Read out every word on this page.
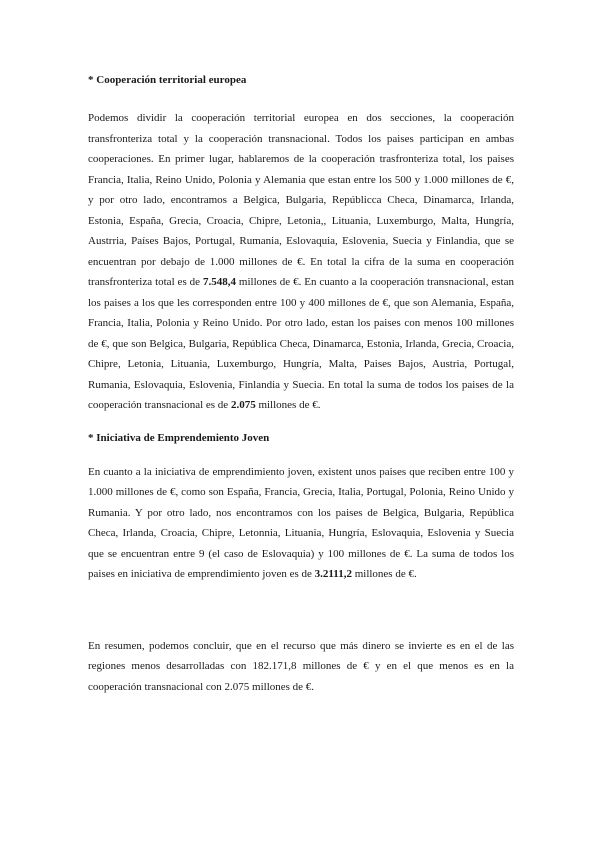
* Cooperación territorial europea

Podemos dividir la cooperación territorial europea en dos secciones, la cooperación transfronteriza total y la cooperación transnacional. Todos los paises participan en ambas cooperaciones. En primer lugar, hablaremos de la cooperación trasfronteriza total, los paises Francia, Italia, Reino Unido, Polonia y Alemania que estan entre los 500 y 1.000 millones de €, y por otro lado, encontramos a Belgica, Bulgaria, Repúblicca Checa, Dinamarca, Irlanda, Estonia, España, Grecia, Croacia, Chipre, Letonia,, Lituania, Luxemburgo, Malta, Hungría, Austrria, Países Bajos, Portugal, Rumania, Eslovaquia, Eslovenia, Suecia y Finlandia, que se encuentran por debajo de 1.000 millones de €. En total la cifra de la suma en cooperación transfronteriza total es de 7.548,4 millones de €. En cuanto a la cooperación transnacional, estan los paises a los que les corresponden entre 100 y 400 millones de €, que son Alemania, España, Francia, Italia, Polonia y Reino Unido. Por otro lado, estan los paises con menos 100 millones de €, que son Belgica, Bulgaria, República Checa, Dinamarca, Estonia, Irlanda, Grecia, Croacia, Chipre, Letonia, Lituania, Luxemburgo, Hungría, Malta, Paises Bajos, Austria, Portugal, Rumania, Eslovaquia, Eslovenia, Finlandia y Suecia. En total la suma de todos los paises de la cooperación transnacional es de 2.075 millones de €.

* Iniciativa de Emprendemiento Joven

En cuanto a la iniciativa de emprendimiento joven, existent unos paises que reciben entre 100 y 1.000 millones de €, como son España, Francia, Grecia, Italia, Portugal, Polonia, Reino Unido y Rumania. Y por otro lado, nos encontramos con los paises de Belgica, Bulgaria, República Checa, Irlanda, Croacia, Chipre, Letonnia, Lituania, Hungría, Eslovaquia, Eslovenia y Suecia que se encuentran entre 9 (el caso de Eslovaquia) y 100 millones de €. La suma de todos los paises en iniciativa de emprendimiento joven es de 3.2111,2 millones de €.

En resumen, podemos concluir, que en el recurso que más dinero se invierte es en el de las regiones menos desarrolladas con 182.171,8 millones de € y en el que menos es en la cooperación transnacional con 2.075 millones de €.
